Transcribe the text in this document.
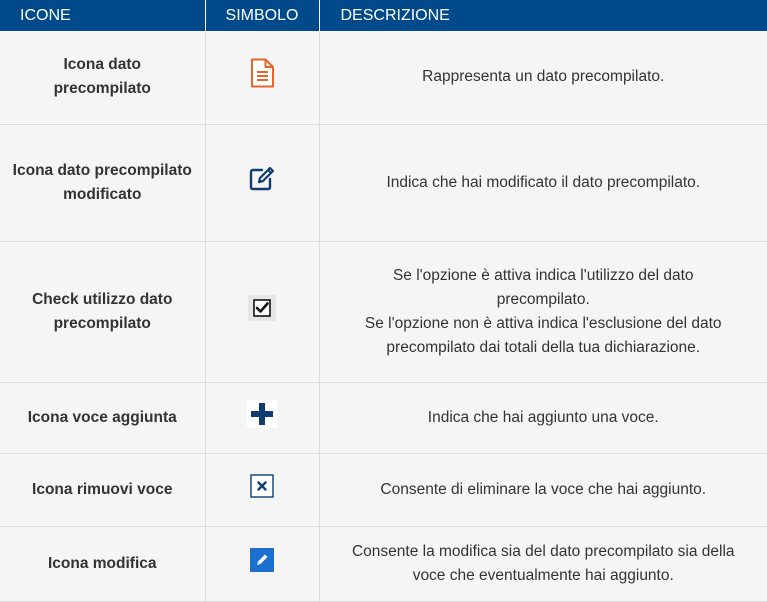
ICONE	SIMBOLO	DESCRIZIONE
Icona dato
precompilato		Rappresenta un dato precompilato.

Icona dato precompilato modificato		Indica che hai modificato il dato precompilato.

Check utilizzo dato precompilato		Se l'opzione è attiva indica l'utilizzo del dato
precompilato.
Se l'opzione non è attiva indica l'esclusione del dato
precompilato dai totali della tua dichiarazione.

Icona voce aggiunta		Indica che hai aggiunto una voce.

Icona rimuovi voce		Consente di eliminare la voce che hai aggiunto.

Icona modifica		Consente la modifica sia del dato precompilato sia della
voce che eventualmente hai aggiunto.
